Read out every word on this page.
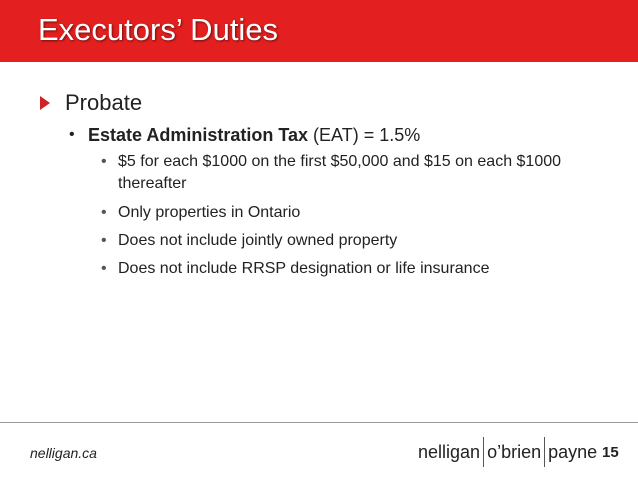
Executors’ Duties
Probate
• Estate Administration Tax (EAT) = 1.5%
• $5 for each $1000 on the first $50,000 and $15 on each $1000 thereafter
• Only properties in Ontario
• Does not include jointly owned property
• Does not include RRSP designation or life insurance
nelligan.ca	nelligan o’brien payne 15
